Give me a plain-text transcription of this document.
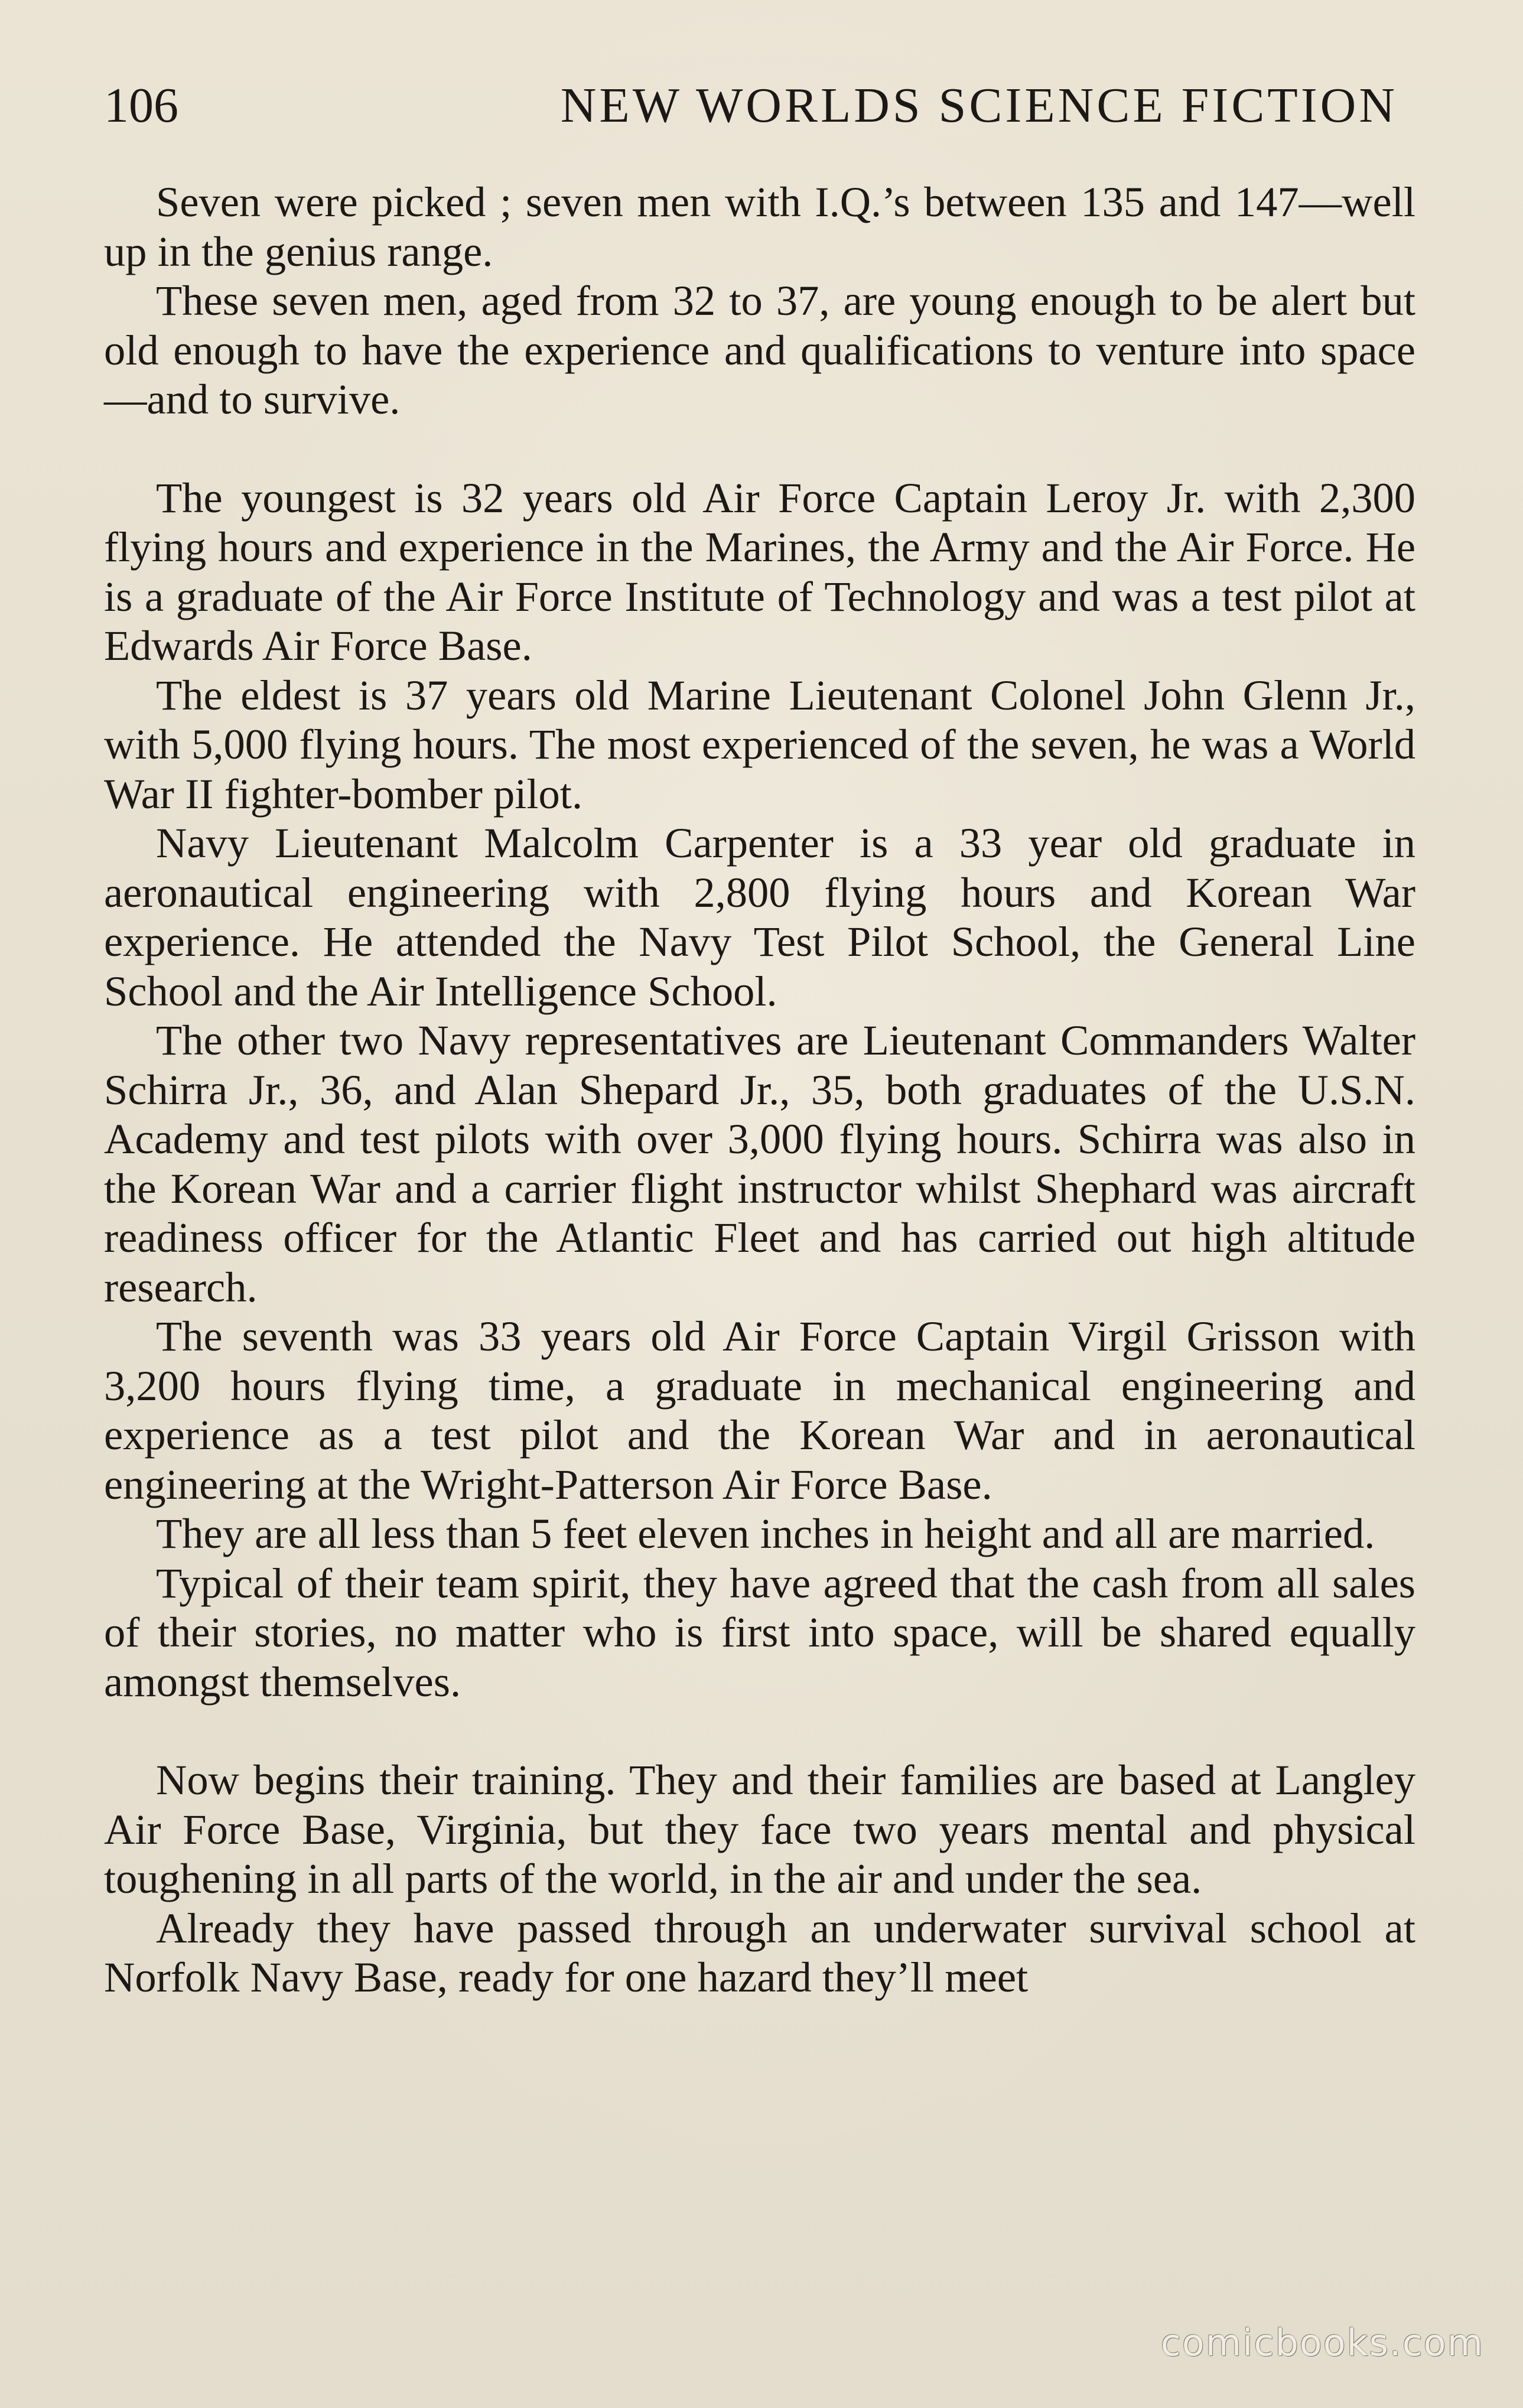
106	NEW WORLDS SCIENCE FICTION

Seven were picked ; seven men with I.Q.’s between 135 and 147—well up in the genius range.

These seven men, aged from 32 to 37, are young enough to be alert but old enough to have the experience and qualifications to venture into space—and to survive.

The youngest is 32 years old Air Force Captain Leroy Jr. with 2,300 flying hours and experience in the Marines, the Army and the Air Force. He is a graduate of the Air Force Institute of Technology and was a test pilot at Edwards Air Force Base.

The eldest is 37 years old Marine Lieutenant Colonel John Glenn Jr., with 5,000 flying hours. The most experienced of the seven, he was a World War II fighter-bomber pilot.

Navy Lieutenant Malcolm Carpenter is a 33 year old graduate in aeronautical engineering with 2,800 flying hours and Korean War experience. He attended the Navy Test Pilot School, the General Line School and the Air Intelligence School.

The other two Navy representatives are Lieutenant Commanders Walter Schirra Jr., 36, and Alan Shepard Jr., 35, both graduates of the U.S.N. Academy and test pilots with over 3,000 flying hours. Schirra was also in the Korean War and a carrier flight instructor whilst Shephard was aircraft readiness officer for the Atlantic Fleet and has carried out high altitude research.

The seventh was 33 years old Air Force Captain Virgil Grisson with 3,200 hours flying time, a graduate in mechanical engineering and experience as a test pilot and the Korean War and in aeronautical engineering at the Wright-Patterson Air Force Base.

They are all less than 5 feet eleven inches in height and all are married.

Typical of their team spirit, they have agreed that the cash from all sales of their stories, no matter who is first into space, will be shared equally amongst themselves.

Now begins their training. They and their families are based at Langley Air Force Base, Virginia, but they face two years mental and physical toughening in all parts of the world, in the air and under the sea.

Already they have passed through an underwater survival school at Norfolk Navy Base, ready for one hazard they’ll meet

comicbooks.com
